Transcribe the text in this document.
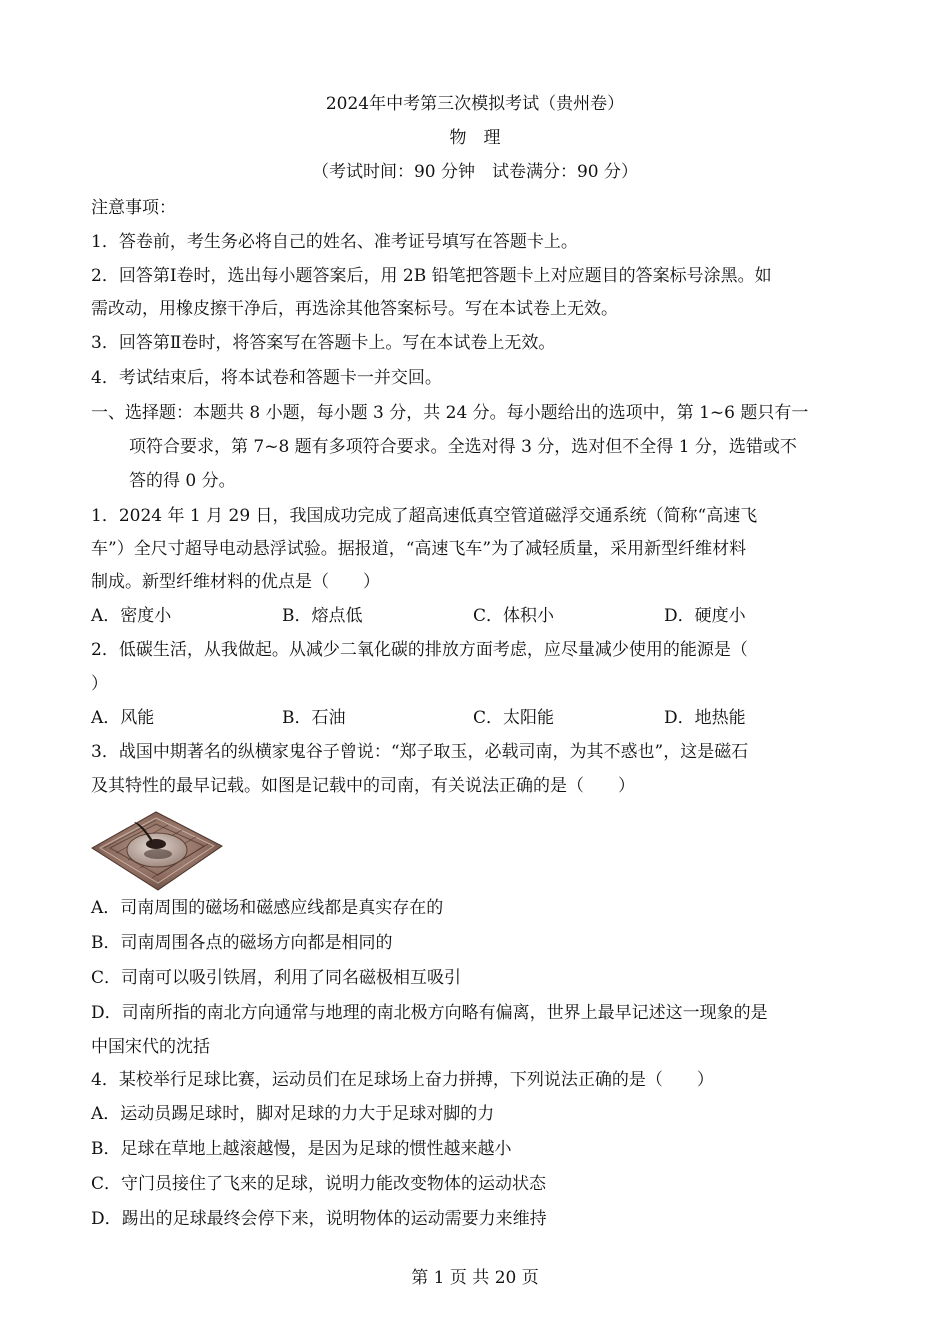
2024年中考第三次模拟考试（贵州卷）
物　理
（考试时间：90 分钟　试卷满分：90 分）
注意事项：
1．答卷前，考生务必将自己的姓名、准考证号填写在答题卡上。
2．回答第Ⅰ卷时，选出每小题答案后，用 2B 铅笔把答题卡上对应题目的答案标号涂黑。如
需改动，用橡皮擦干净后，再选涂其他答案标号。写在本试卷上无效。
3．回答第Ⅱ卷时，将答案写在答题卡上。写在本试卷上无效。
4．考试结束后，将本试卷和答题卡一并交回。
一、选择题：本题共 8 小题，每小题 3 分，共 24 分。每小题给出的选项中，第 1~6 题只有一
项符合要求，第 7~8 题有多项符合要求。全选对得 3 分，选对但不全得 1 分，选错或不
答的得 0 分。
1．2024 年 1 月 29 日，我国成功完成了超高速低真空管道磁浮交通系统（简称“高速飞
车”）全尺寸超导电动悬浮试验。据报道，“高速飞车”为了减轻质量，采用新型纤维材料
制成。新型纤维材料的优点是（　　）
A．密度小	B．熔点低	C．体积小	D．硬度小
2．低碳生活，从我做起。从减少二氧化碳的排放方面考虑，应尽量减少使用的能源是（
）
A．风能	B．石油	C．太阳能	D．地热能
3．战国中期著名的纵横家鬼谷子曾说：“郑子取玉，必载司南，为其不惑也”，这是磁石
及其特性的最早记载。如图是记载中的司南，有关说法正确的是（　　）
A．司南周围的磁场和磁感应线都是真实存在的
B．司南周围各点的磁场方向都是相同的
C．司南可以吸引铁屑，利用了同名磁极相互吸引
D．司南所指的南北方向通常与地理的南北极方向略有偏离，世界上最早记述这一现象的是
中国宋代的沈括
4．某校举行足球比赛，运动员们在足球场上奋力拼搏，下列说法正确的是（　　）
A．运动员踢足球时，脚对足球的力大于足球对脚的力
B．足球在草地上越滚越慢，是因为足球的惯性越来越小
C．守门员接住了飞来的足球，说明力能改变物体的运动状态
D．踢出的足球最终会停下来，说明物体的运动需要力来维持
第 1 页 共 20 页
